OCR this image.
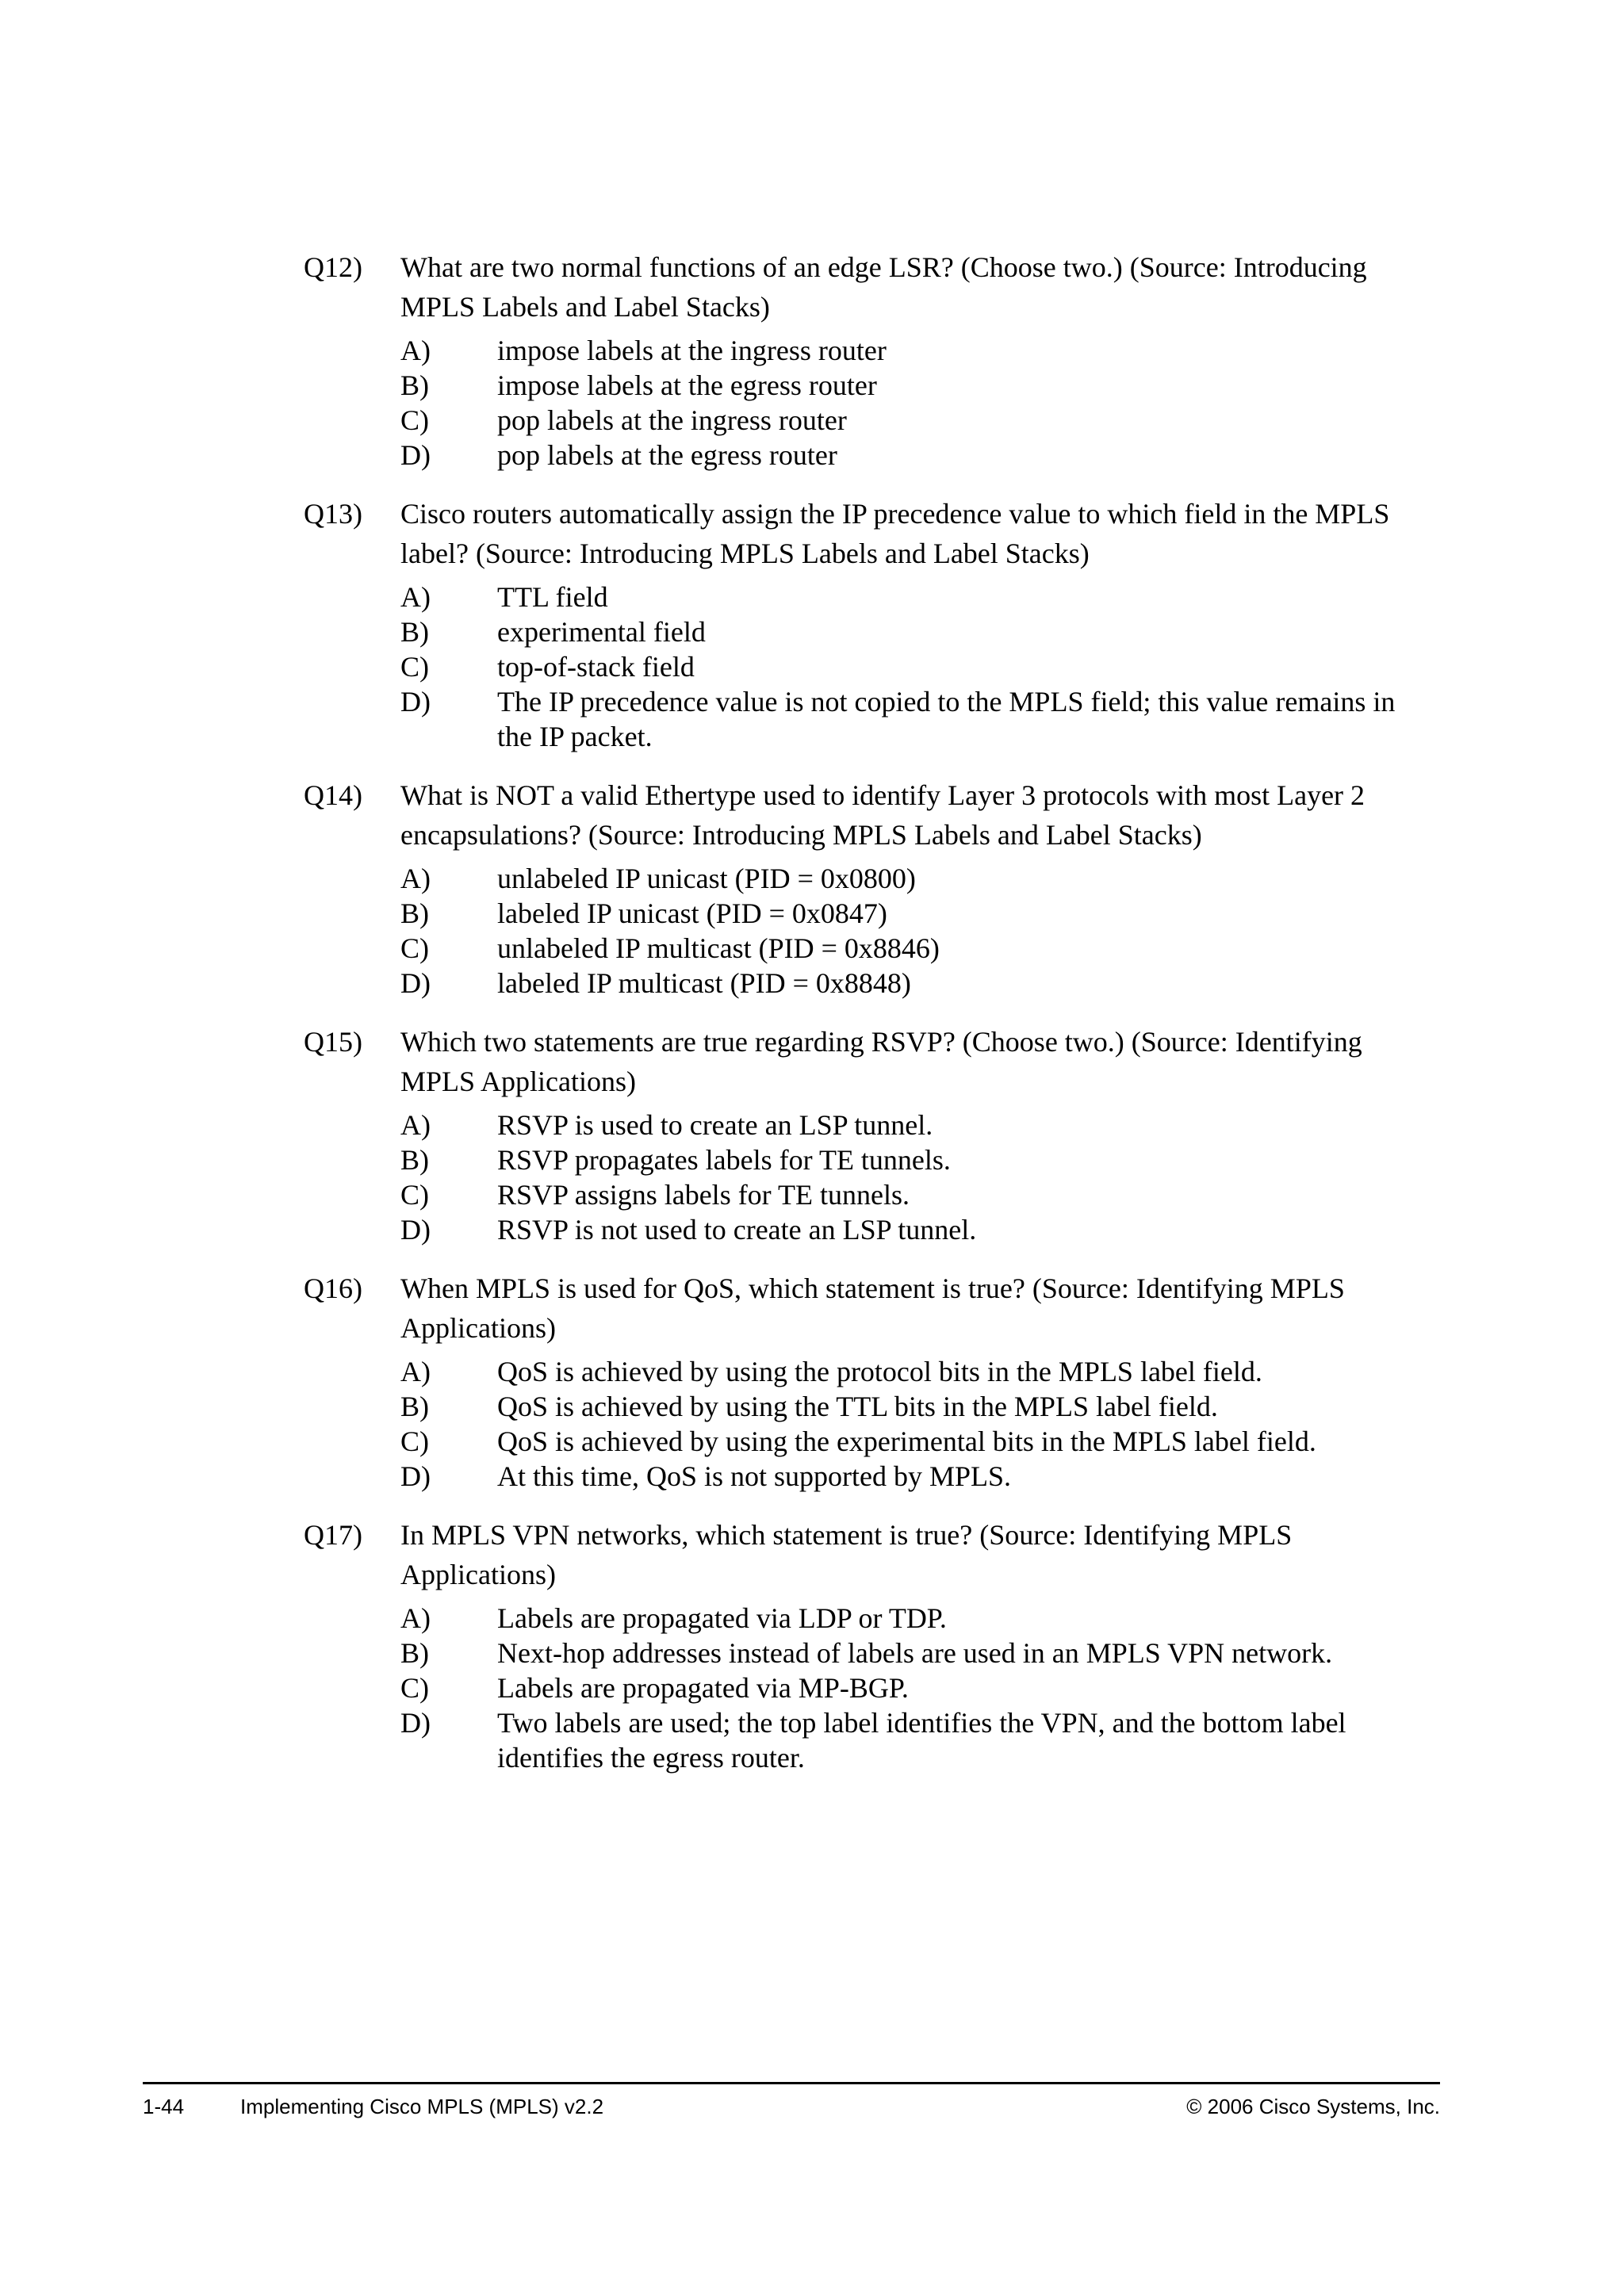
Q12)	What are two normal functions of an edge LSR? (Choose two.) (Source: Introducing MPLS Labels and Label Stacks)
A)	impose labels at the ingress router
B)	impose labels at the egress router
C)	pop labels at the ingress router
D)	pop labels at the egress router
Q13)	Cisco routers automatically assign the IP precedence value to which field in the MPLS label? (Source: Introducing MPLS Labels and Label Stacks)
A)	TTL field
B)	experimental field
C)	top-of-stack field
D)	The IP precedence value is not copied to the MPLS field; this value remains in the IP packet.
Q14)	What is NOT a valid Ethertype used to identify Layer 3 protocols with most Layer 2 encapsulations? (Source: Introducing MPLS Labels and Label Stacks)
A)	unlabeled IP unicast (PID = 0x0800)
B)	labeled IP unicast (PID = 0x0847)
C)	unlabeled IP multicast (PID = 0x8846)
D)	labeled IP multicast (PID = 0x8848)
Q15)	Which two statements are true regarding RSVP? (Choose two.) (Source: Identifying MPLS Applications)
A)	RSVP is used to create an LSP tunnel.
B)	RSVP propagates labels for TE tunnels.
C)	RSVP assigns labels for TE tunnels.
D)	RSVP is not used to create an LSP tunnel.
Q16)	When MPLS is used for QoS, which statement is true? (Source: Identifying MPLS Applications)
A)	QoS is achieved by using the protocol bits in the MPLS label field.
B)	QoS is achieved by using the TTL bits in the MPLS label field.
C)	QoS is achieved by using the experimental bits in the MPLS label field.
D)	At this time, QoS is not supported by MPLS.
Q17)	In MPLS VPN networks, which statement is true? (Source: Identifying MPLS Applications)
A)	Labels are propagated via LDP or TDP.
B)	Next-hop addresses instead of labels are used in an MPLS VPN network.
C)	Labels are propagated via MP-BGP.
D)	Two labels are used; the top label identifies the VPN, and the bottom label identifies the egress router.
1-44	Implementing Cisco MPLS (MPLS) v2.2	© 2006 Cisco Systems, Inc.
